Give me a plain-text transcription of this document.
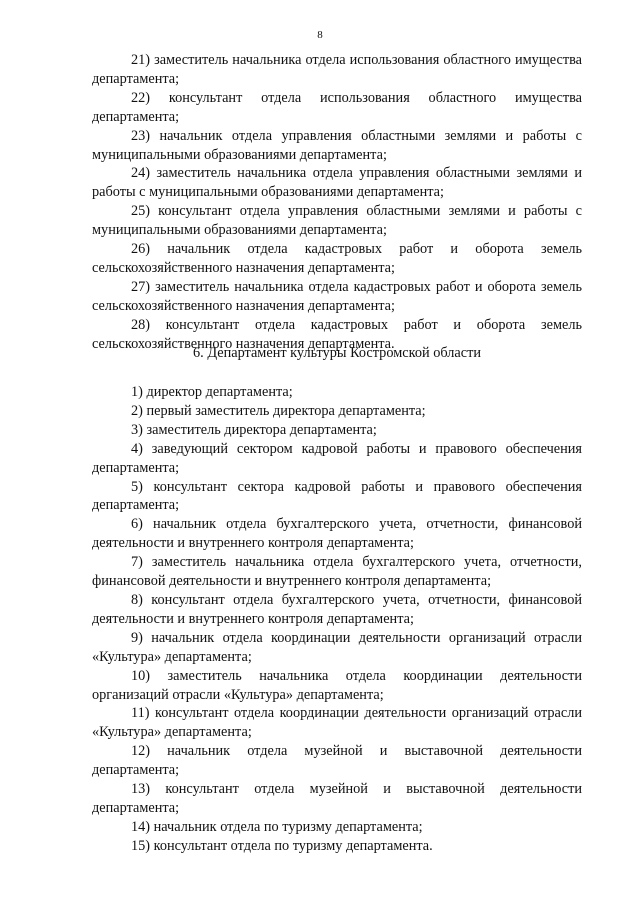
8

21) заместитель начальника отдела использования областного имущества департамента;

22) консультант отдела использования областного имущества департамента;

23) начальник отдела управления областными землями и работы с муниципальными образованиями департамента;

24) заместитель начальника отдела управления областными землями и работы с муниципальными образованиями департамента;

25) консультант отдела управления областными землями и работы с муниципальными образованиями департамента;

26) начальник отдела кадастровых работ и оборота земель сельскохозяйственного назначения департамента;

27) заместитель начальника отдела кадастровых работ и оборота земель сельскохозяйственного назначения департамента;

28) консультант отдела кадастровых работ и оборота земель сельскохозяйственного назначения департамента.

6. Департамент культуры Костромской области

1) директор департамента;

2) первый заместитель директора департамента;

3) заместитель директора департамента;

4) заведующий сектором кадровой работы и правового обеспечения департамента;

5) консультант сектора кадровой работы и правового обеспечения департамента;

6) начальник отдела бухгалтерского учета, отчетности, финансовой деятельности и внутреннего контроля департамента;

7) заместитель начальника отдела бухгалтерского учета, отчетности, финансовой деятельности и внутреннего контроля департамента;

8) консультант отдела бухгалтерского учета, отчетности, финансовой деятельности и внутреннего контроля департамента;

9) начальник отдела координации деятельности организаций отрасли «Культура» департамента;

10) заместитель начальника отдела координации деятельности организаций отрасли «Культура» департамента;

11) консультант отдела координации деятельности организаций отрасли «Культура» департамента;

12) начальник отдела музейной и выставочной деятельности департамента;

13) консультант отдела музейной и выставочной деятельности департамента;

14) начальник отдела по туризму департамента;

15) консультант отдела по туризму департамента.
